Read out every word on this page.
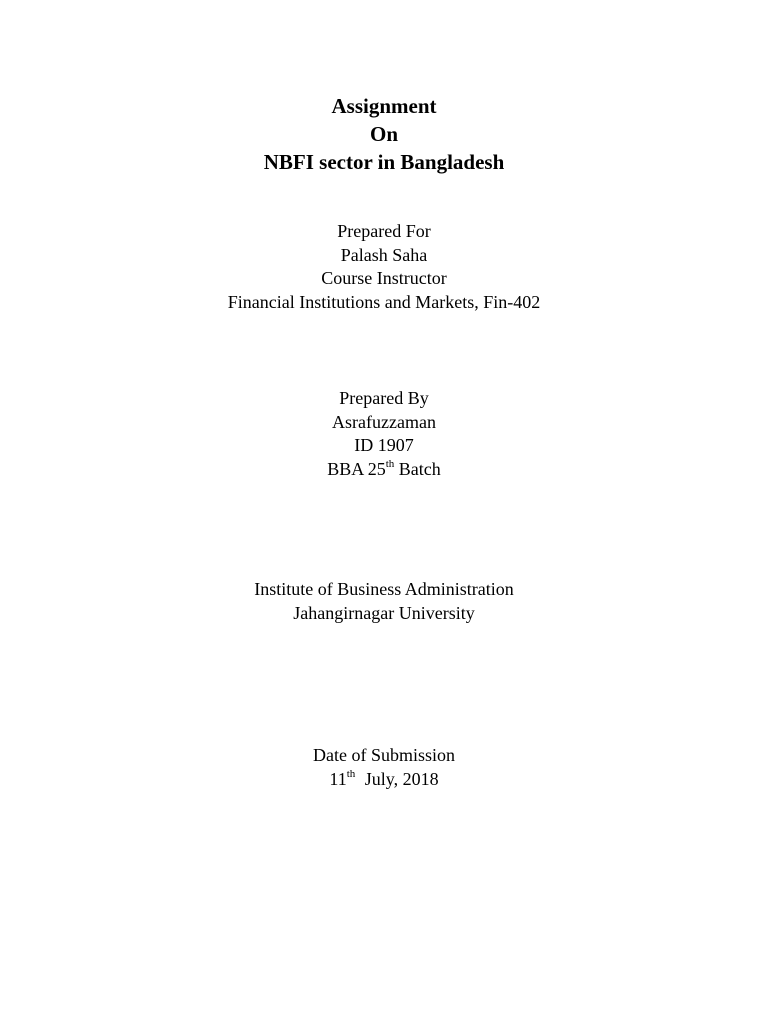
Assignment
On
NBFI sector in Bangladesh
Prepared For
Palash Saha
Course Instructor
Financial Institutions and Markets, Fin-402
Prepared By
Asrafuzzaman
ID 1907
BBA 25th Batch
Institute of Business Administration
Jahangirnagar University
Date of Submission
11th July, 2018
